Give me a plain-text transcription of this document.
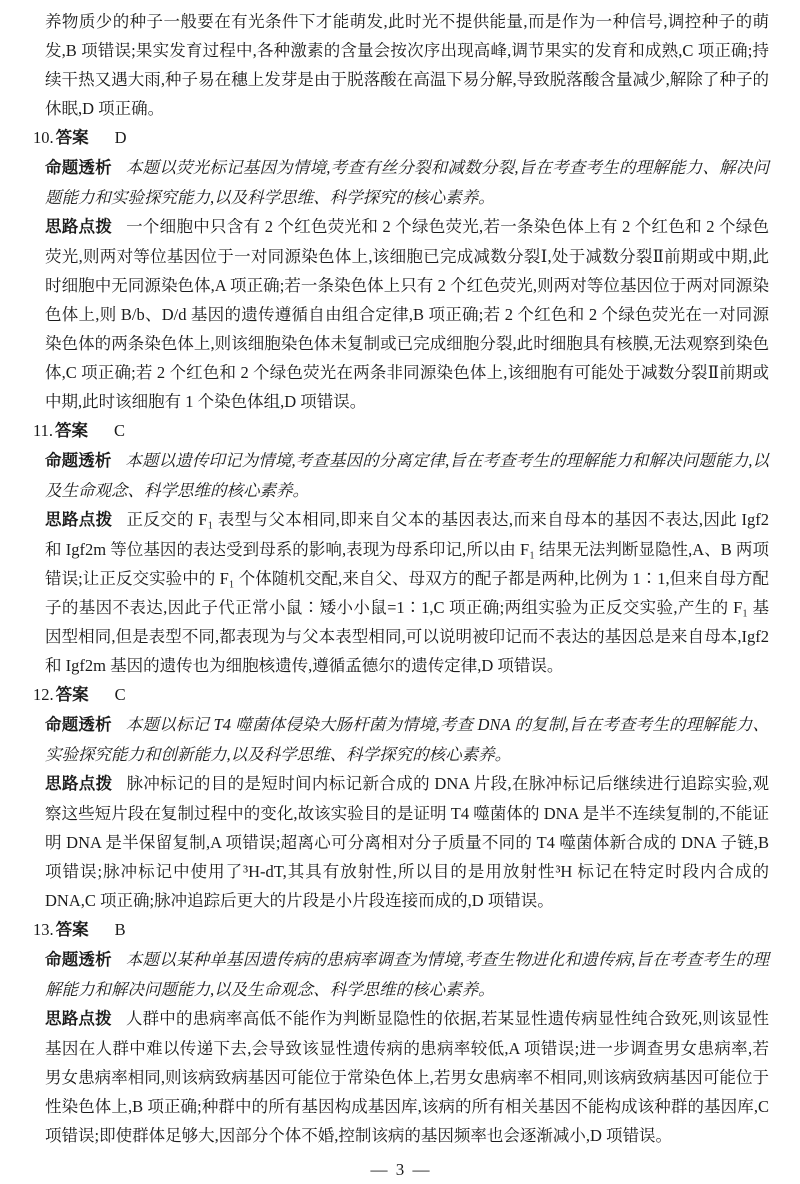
养物质少的种子一般要在有光条件下才能萌发,此时光不提供能量,而是作为一种信号,调控种子的萌发,B 项错误;果实发育过程中,各种激素的含量会按次序出现高峰,调节果实的发育和成熟,C 项正确;持续干热又遇大雨,种子易在穗上发芽是由于脱落酸在高温下易分解,导致脱落酸含量减少,解除了种子的休眠,D 项正确。

10. 答案 D

命题透析 本题以荧光标记基因为情境,考查有丝分裂和减数分裂,旨在考查考生的理解能力、解决问题能力和实验探究能力,以及科学思维、科学探究的核心素养。

思路点拨 一个细胞中只含有 2 个红色荧光和 2 个绿色荧光,若一条染色体上有 2 个红色和 2 个绿色荧光,则两对等位基因位于一对同源染色体上,该细胞已完成减数分裂Ⅰ,处于减数分裂Ⅱ前期或中期,此时细胞中无同源染色体,A 项正确;若一条染色体上只有 2 个红色荧光,则两对等位基因位于两对同源染色体上,则 B/b、D/d 基因的遗传遵循自由组合定律,B 项正确;若 2 个红色和 2 个绿色荧光在一对同源染色体的两条染色体上,则该细胞染色体未复制或已完成细胞分裂,此时细胞具有核膜,无法观察到染色体,C 项正确;若 2 个红色和 2 个绿色荧光在两条非同源染色体上,该细胞有可能处于减数分裂Ⅱ前期或中期,此时该细胞有 1 个染色体组,D 项错误。

11. 答案 C

命题透析 本题以遗传印记为情境,考查基因的分离定律,旨在考查考生的理解能力和解决问题能力,以及生命观念、科学思维的核心素养。

思路点拨 正反交的 F₁ 表型与父本相同,即来自父本的基因表达,而来自母本的基因不表达,因此 Igf2 和 Igf2m 等位基因的表达受到母系的影响,表现为母系印记,所以由 F₁ 结果无法判断显隐性,A、B 两项错误;让正反交实验中的 F₁ 个体随机交配,来自父、母双方的配子都是两种,比例为 1∶1,但来自母方配子的基因不表达,因此子代正常小鼠∶矮小小鼠=1∶1,C 项正确;两组实验为正反交实验,产生的 F₁ 基因型相同,但是表型不同,都表现为与父本表型相同,可以说明被印记而不表达的基因总是来自母本,Igf2 和 Igf2m 基因的遗传也为细胞核遗传,遵循孟德尔的遗传定律,D 项错误。

12. 答案 C

命题透析 本题以标记 T4 噬菌体侵染大肠杆菌为情境,考查 DNA 的复制,旨在考查考生的理解能力、实验探究能力和创新能力,以及科学思维、科学探究的核心素养。

思路点拨 脉冲标记的目的是短时间内标记新合成的 DNA 片段,在脉冲标记后继续进行追踪实验,观察这些短片段在复制过程中的变化,故该实验目的是证明 T4 噬菌体的 DNA 是半不连续复制的,不能证明 DNA 是半保留复制,A 项错误;超离心可分离相对分子质量不同的 T4 噬菌体新合成的 DNA 子链,B 项错误;脉冲标记中使用了³H-dT,其具有放射性,所以目的是用放射性³H 标记在特定时段内合成的 DNA,C 项正确;脉冲追踪后更大的片段是小片段连接而成的,D 项错误。

13. 答案 B

命题透析 本题以某种单基因遗传病的患病率调查为情境,考查生物进化和遗传病,旨在考查考生的理解能力和解决问题能力,以及生命观念、科学思维的核心素养。

思路点拨 人群中的患病率高低不能作为判断显隐性的依据,若某显性遗传病显性纯合致死,则该显性基因在人群中难以传递下去,会导致该显性遗传病的患病率较低,A 项错误;进一步调查男女患病率,若男女患病率相同,则该病致病基因可能位于常染色体上,若男女患病率不相同,则该病致病基因可能位于性染色体上,B 项正确;种群中的所有基因构成基因库,该病的所有相关基因不能构成该种群的基因库,C 项错误;即使群体足够大,因部分个体不婚,控制该病的基因频率也会逐渐减小,D 项错误。

— 3 —
